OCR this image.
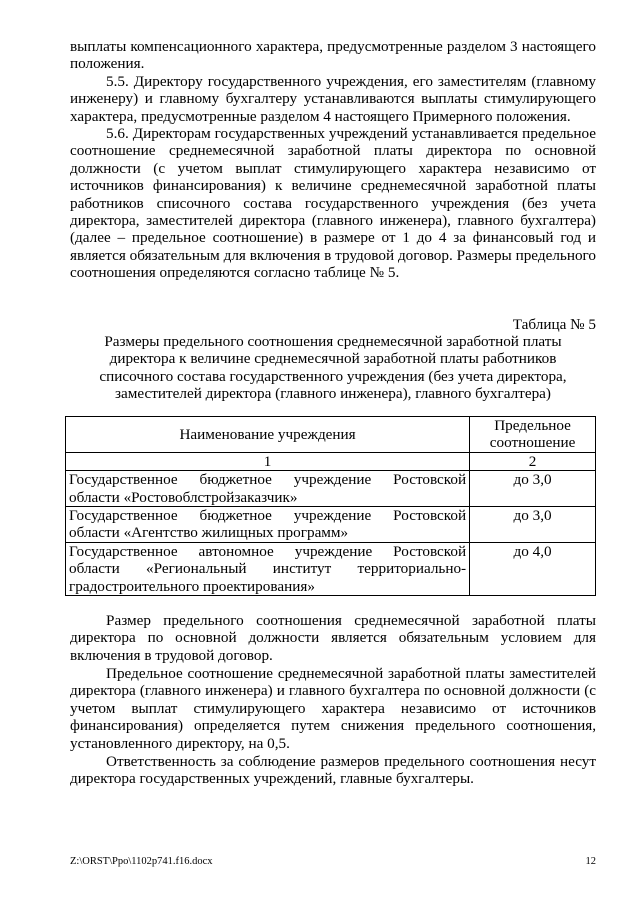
выплаты компенсационного характера, предусмотренные разделом 3 настоящего положения.

5.5. Директору государственного учреждения, его заместителям (главному инженеру) и главному бухгалтеру устанавливаются выплаты стимулирующего характера, предусмотренные разделом 4 настоящего Примерного положения.

5.6. Директорам государственных учреждений устанавливается предельное соотношение среднемесячной заработной платы директора по основной должности (с учетом выплат стимулирующего характера независимо от источников финансирования) к величине среднемесячной заработной платы работников списочного состава государственного учреждения (без учета директора, заместителей директора (главного инженера), главного бухгалтера) (далее – предельное соотношение) в размере от 1 до 4 за финансовый год и является обязательным для включения в трудовой договор. Размеры предельного соотношения определяются согласно таблице № 5.

Таблица № 5

Размеры предельного соотношения среднемесячной заработной платы директора к величине среднемесячной заработной платы работников списочного состава государственного учреждения (без учета директора, заместителей директора (главного инженера), главного бухгалтера)

Наименование учреждения	Предельное соотношение
1	2
Государственное бюджетное учреждение Ростовской области «Ростовоблстройзаказчик»	до 3,0
Государственное бюджетное учреждение Ростовской области «Агентство жилищных программ»	до 3,0
Государственное автономное учреждение Ростовской области «Региональный институт территориально-градостроительного проектирования»	до 4,0

Размер предельного соотношения среднемесячной заработной платы директора по основной должности является обязательным условием для включения в трудовой договор.

Предельное соотношение среднемесячной заработной платы заместителей директора (главного инженера) и главного бухгалтера по основной должности (с учетом выплат стимулирующего характера независимо от источников финансирования) определяется путем снижения предельного соотношения, установленного директору, на 0,5.

Ответственность за соблюдение размеров предельного соотношения несут директора государственных учреждений, главные бухгалтеры.

Z:\ORST\Ppo\1102p741.f16.docx	12
